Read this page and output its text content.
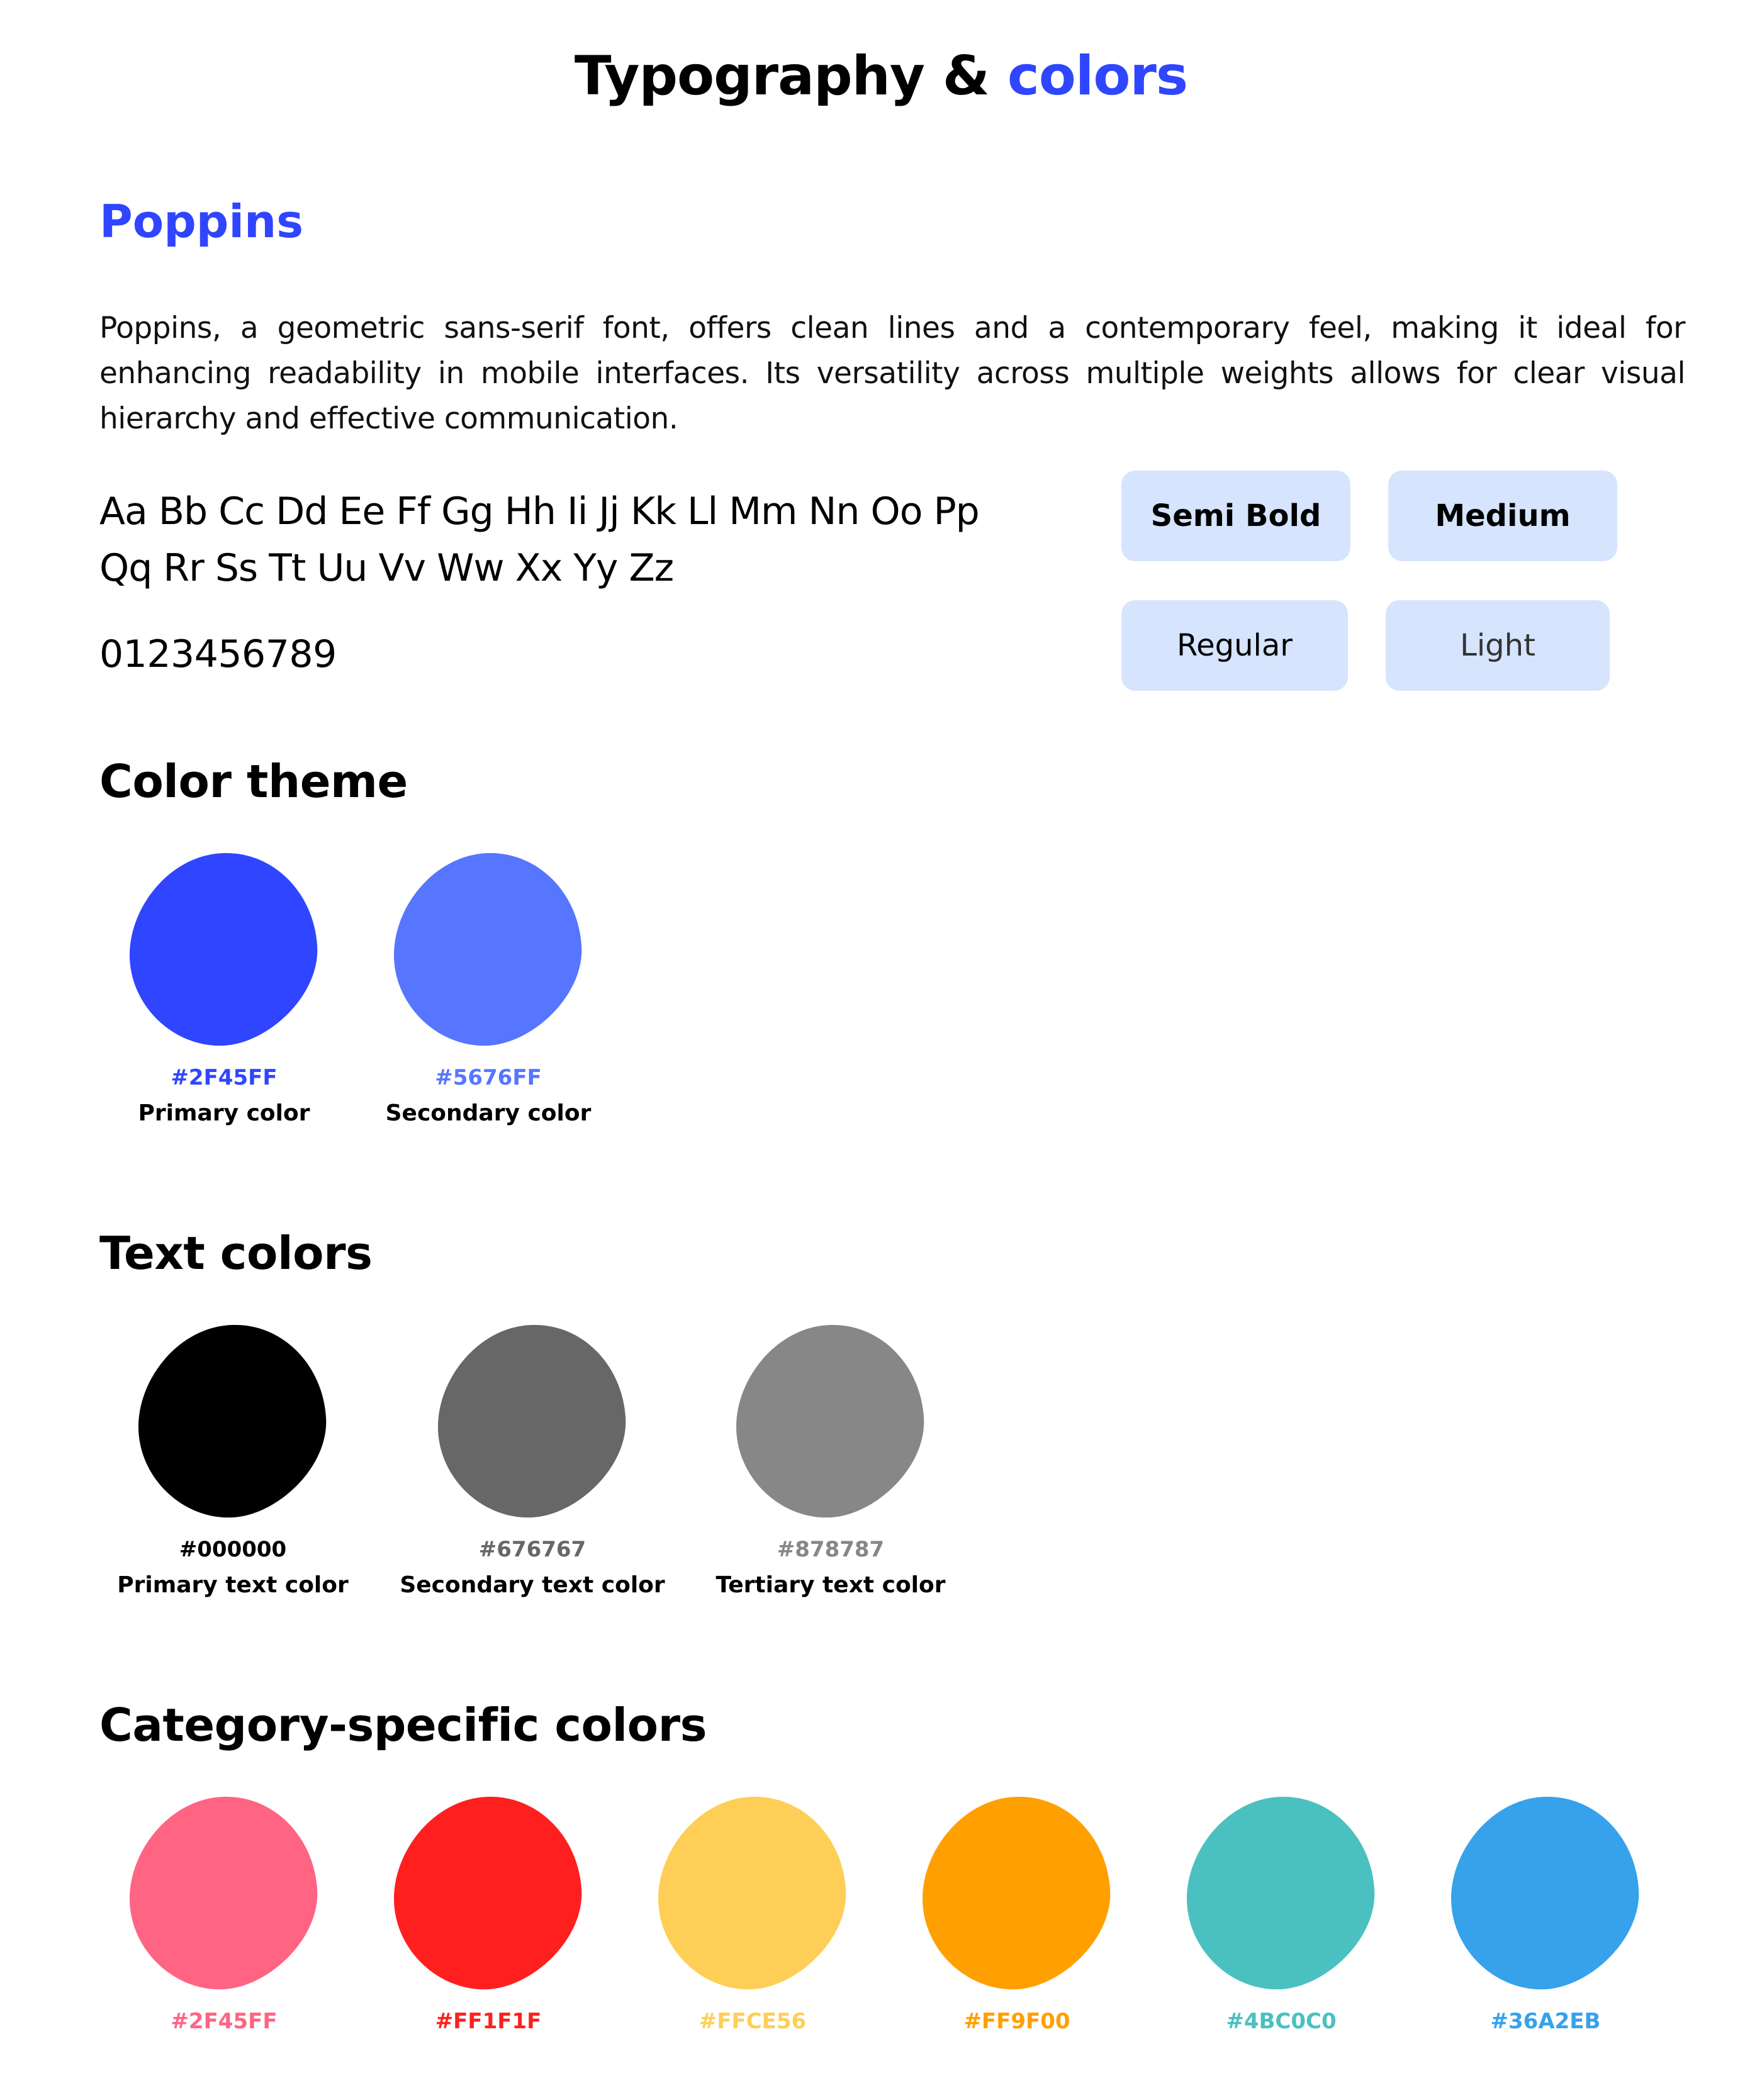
Typography & colors
Poppins
Poppins, a geometric sans-serif font, offers clean lines and a contemporary feel, making it ideal for enhancing readability in mobile interfaces. Its versatility across multiple weights allows for clear visual hierarchy and effective communication.
Aa Bb Cc Dd Ee Ff Gg Hh Ii Jj Kk Ll Mm Nn Oo Pp
Qq Rr Ss Tt Uu Vv Ww Xx Yy Zz
0123456789
Semi Bold	Medium
Regular	Light
Color theme
#2F45FF
Primary color
#5676FF
Secondary color
Text colors
#000000
Primary text color
#676767
Secondary text color
#878787
Tertiary text color
Category-specific colors
#2F45FF	#FF1F1F	#FFCE56	#FF9F00	#4BC0C0	#36A2EB
